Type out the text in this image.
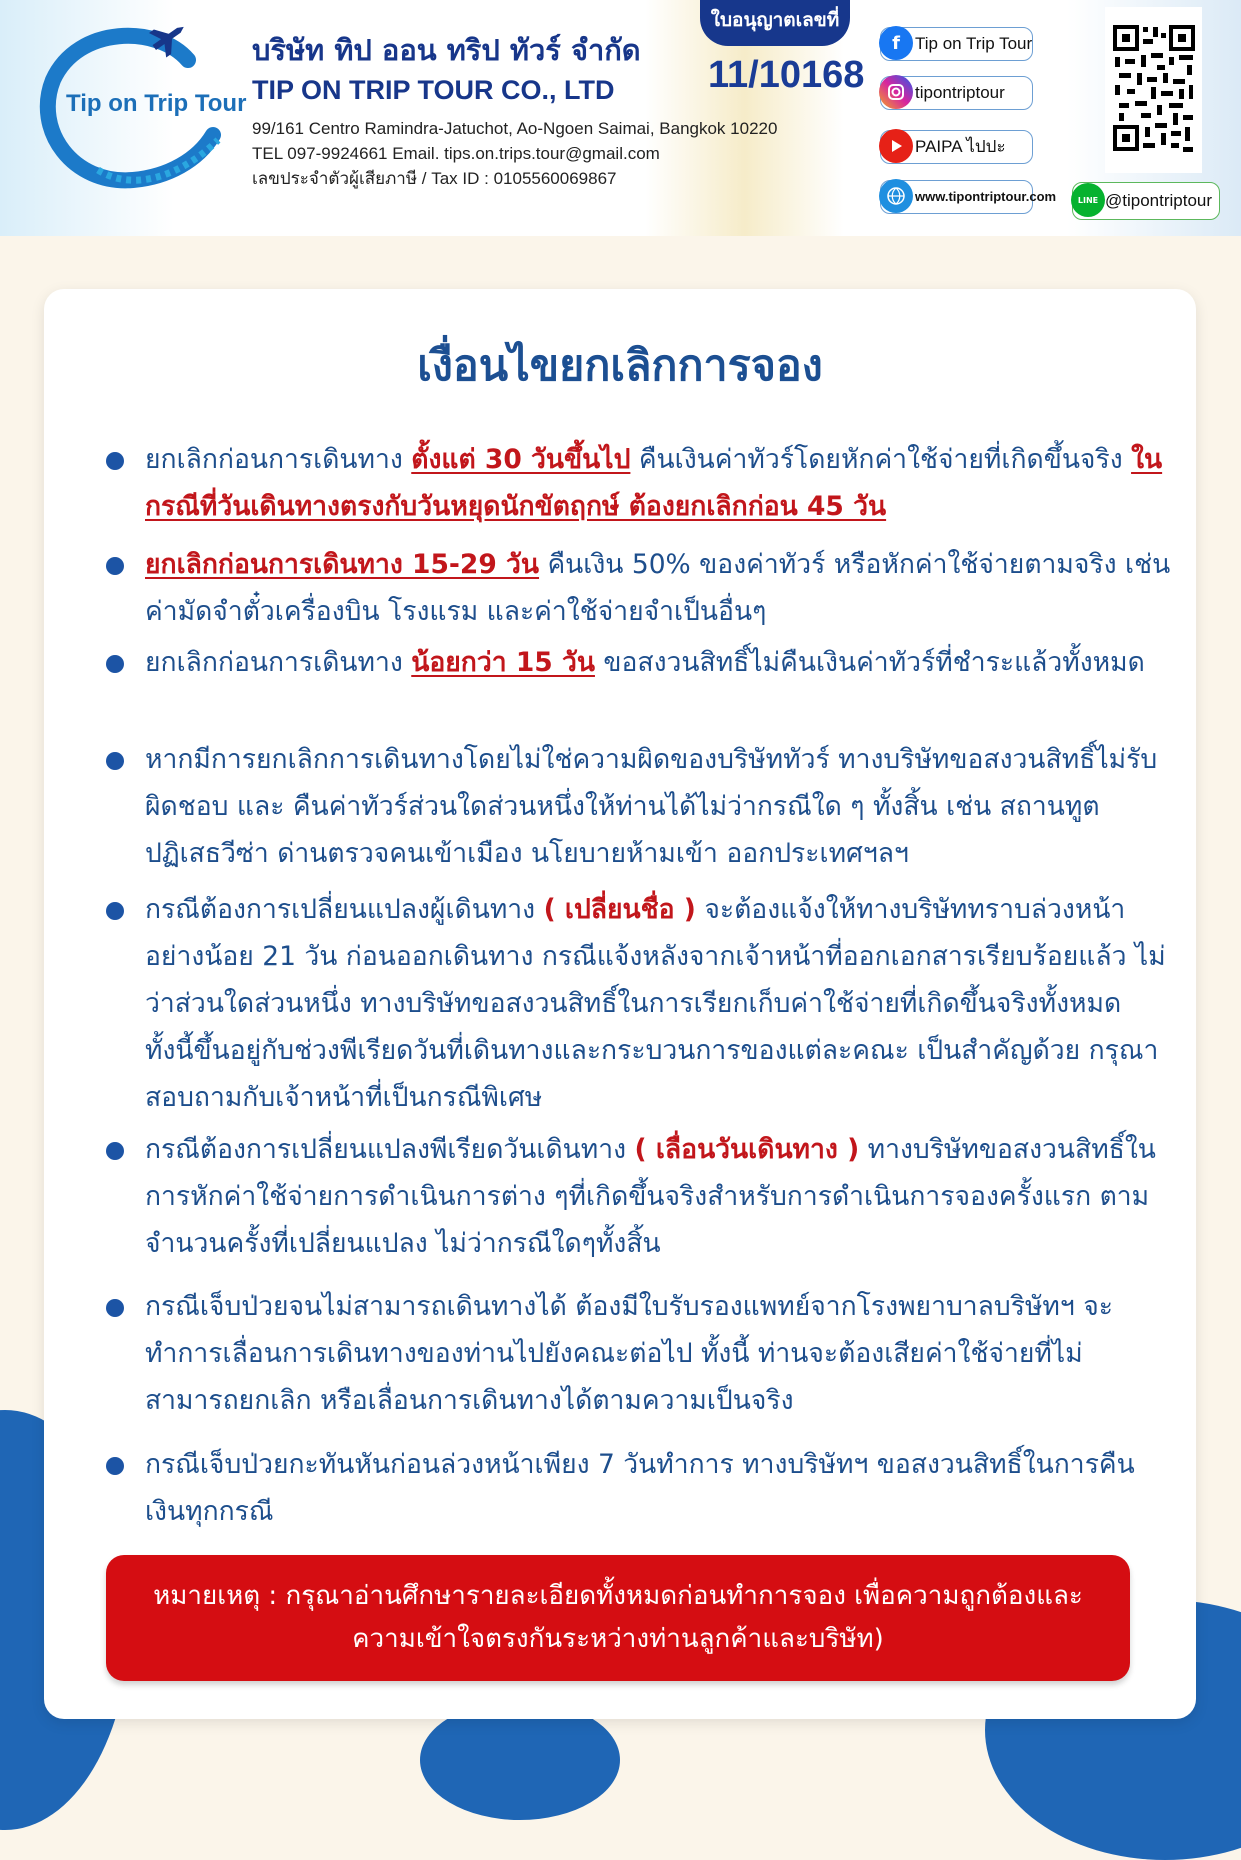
Tip on Trip Tour

บริษัท ทิป ออน ทริป ทัวร์ จำกัด

TIP ON TRIP TOUR CO., LTD

99/161 Centro Ramindra-Jatuchot, Ao-Ngoen Saimai, Bangkok 10220

TEL 097-9924661 Email. tips.on.trips.tour@gmail.com

เลขประจำตัวผู้เสียภาษี / Tax ID : 0105560069867

ใบอนุญาตเลขที่
11/10168
f Tip on Trip Tour
tipontriptour
PAIPA ไปปะ
www.tipontriptour.com	LINE @tipontriptour
เงื่อนไขยกเลิกการจอง

ยกเลิกก่อนการเดินทาง ตั้งแต่ 30 วันขึ้นไป คืนเงินค่าทัวร์โดยหักค่าใช้จ่ายที่เกิดขึ้นจริง ในกรณีที่วันเดินทางตรงกับวันหยุดนักขัตฤกษ์ ต้องยกเลิกก่อน 45 วัน

ยกเลิกก่อนการเดินทาง 15-29 วัน คืนเงิน 50% ของค่าทัวร์ หรือหักค่าใช้จ่ายตามจริง เช่น ค่ามัดจำตั๋วเครื่องบิน โรงแรม และค่าใช้จ่ายจำเป็นอื่นๆ

ยกเลิกก่อนการเดินทาง น้อยกว่า 15 วัน ขอสงวนสิทธิ์ไม่คืนเงินค่าทัวร์ที่ชำระแล้วทั้งหมด

หากมีการยกเลิกการเดินทางโดยไม่ใช่ความผิดของบริษัททัวร์ ทางบริษัทขอสงวนสิทธิ์ไม่รับผิดชอบ และ คืนค่าทัวร์ส่วนใดส่วนหนึ่งให้ท่านได้ไม่ว่ากรณีใด ๆ ทั้งสิ้น เช่น สถานทูตปฏิเสธวีซ่า ด่านตรวจคนเข้าเมือง นโยบายห้ามเข้า ออกประเทศฯลฯ

กรณีต้องการเปลี่ยนแปลงผู้เดินทาง ( เปลี่ยนชื่อ ) จะต้องแจ้งให้ทางบริษัททราบล่วงหน้า อย่างน้อย 21 วัน ก่อนออกเดินทาง กรณีแจ้งหลังจากเจ้าหน้าที่ออกเอกสารเรียบร้อยแล้ว ไม่ว่าส่วนใดส่วนหนึ่ง ทางบริษัทขอสงวนสิทธิ์ในการเรียกเก็บค่าใช้จ่ายที่เกิดขึ้นจริงทั้งหมด ทั้งนี้ขึ้นอยู่กับช่วงพีเรียดวันที่เดินทางและกระบวนการของแต่ละคณะ เป็นสำคัญด้วย กรุณาสอบถามกับเจ้าหน้าที่เป็นกรณีพิเศษ

กรณีต้องการเปลี่ยนแปลงพีเรียดวันเดินทาง ( เลื่อนวันเดินทาง ) ทางบริษัทขอสงวนสิทธิ์ในการหักค่าใช้จ่ายการดำเนินการต่าง ๆที่เกิดขึ้นจริงสำหรับการดำเนินการจองครั้งแรก ตามจำนวนครั้งที่เปลี่ยนแปลง ไม่ว่ากรณีใดๆทั้งสิ้น

กรณีเจ็บป่วยจนไม่สามารถเดินทางได้ ต้องมีใบรับรองแพทย์จากโรงพยาบาลบริษัทฯ จะทำการเลื่อนการเดินทางของท่านไปยังคณะต่อไป ทั้งนี้ ท่านจะต้องเสียค่าใช้จ่ายที่ไม่สามารถยกเลิก หรือเลื่อนการเดินทางได้ตามความเป็นจริง

กรณีเจ็บป่วยกะทันหันก่อนล่วงหน้าเพียง 7 วันทำการ ทางบริษัทฯ ขอสงวนสิทธิ์ในการคืนเงินทุกกรณี

หมายเหตุ : กรุณาอ่านศึกษารายละเอียดทั้งหมดก่อนทำการจอง เพื่อความถูกต้องและความเข้าใจตรงกันระหว่างท่านลูกค้าและบริษัท)
